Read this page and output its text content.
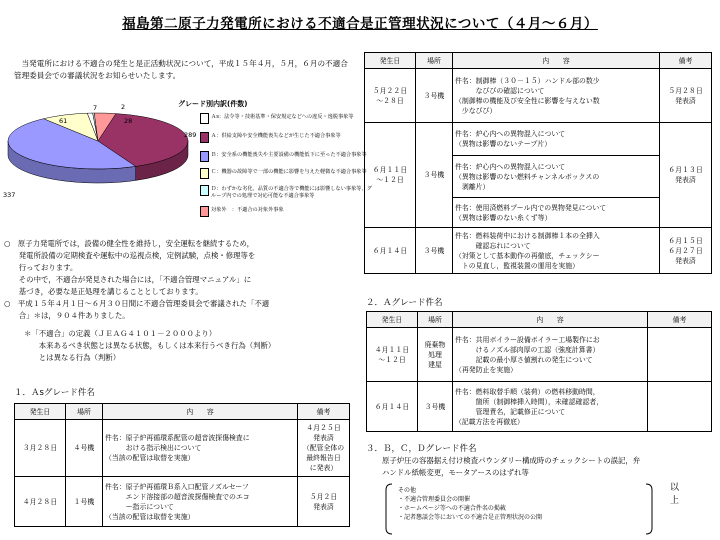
福島第二原子力発電所における不適合是正管理状況について（４月～６月）
当発電所における不適合の発生と是正活動状況について，平成１５年４月，５月，６月の不適合管理委員会での審議状況をお知らせいたします。
グレード別内訳(件数)
7	2
61	28
289
337
Ａs：法令等・技術基準・保安規定などへの違反・逸脱事象等
Ａ：供給支障や安全機能喪失などが生じた不適合事象等
Ｂ：安全系の機能喪失や主要設備の機能低下に至った不適合事象等
Ｃ：機器の故障等で一部の機能に影響を与えた軽微な不適合事象等
Ｄ：わずかな劣化、品質の不適合等で機能には影響しない事象等、グループ内での処理で対応可能な不適合事象等
対象外　：不適合の対象外事象

○　原子力発電所では，設備の健全性を維持し，安全運転を継続するため，

　　発電所設備の定期検査や運転中の巡視点検，定例試験，点検・修理等を

　　行っております。

　　その中で，不適合が発見された場合には，「不適合管理マニュアル」に

　　基づき，必要な是正処理を講じることとしております。

○　平成１５年４月１日～６月３０日間に不適合管理委員会で審議された「不適

　　合」＊は，９０４件ありました。

＊「不適合」の定義（ＪＥＡＧ４１０１－２０００より）

　　本来あるべき状態とは異なる状態，もしくは本来行うべき行為（判断）

　　とは異なる行為（判断）

１．Ａsグレード件名
発生日	場所	内　　容	備考
３月２８日	４号機	件名：原子炉再循環系配管の超音波探傷検査に
　　　おける指示検出について
（当該の配管は取替を実施）	４月２５日
発表済
（配管全体の
最終報告日
に発表）

４月２８日	１号機	件名：原子炉再循環Ｂ系入口配管ノズルセーフ
　　　エンド溶接部の超音波探傷検査でのエコ
　　　ー指示について
（当該の配管は取替を実施）	５月２日
発表済
発生日	場所	内　　容	備考

５月２２日
～２８日	３号機	件名：制御棒（３０－１５）ハンドル部の数少
　　　なびびの確認について
（制御棒の機能及び安全性に影響を与えない数
　少なびび）	５月２８日
発表済

６月１１日
～１２日	３号機	件名：炉心内への異物混入について
（異物は影響のないテープ片）	６月１３日
発表済

		件名：炉心内への異物混入について
（異物は影響のない燃料チャンネルボックスの
　剥離片）	

		件名：使用済燃料プール内での異物発見について
（異物は影響のない糸くず等）	

６月１４日	３号機	件名：燃料装荷中における制御棒１本の全挿入
　　　確認忘れについて
（対策として基本動作の再徹底，チェックシー
　トの見直し，監視装置の運用を実施）	６月１５日
６月２７日
発表済
２．Ａグレード件名
発生日	場所	内　　容	備考

４月１１日
～１２日	廃棄物
処理
建屋	件名：共用ボイラー設備ボイラー工場製作にお
　　　けるノズル部肉厚の工認（強度計算書）
　　　記載の最小厚さ値割れの発生について
（再発防止を実施）	

６月１４日	３号機	件名：燃料取替手順（装荷）の燃料移動時間，
　　　箇所（制御棒挿入時間），未確認確認者，
　　　管理責名，記載修正について
（記載方法を再徹底）	

３．Ｂ，Ｃ，Ｄグレード件名
原子炉圧の容器据え付け検査パウンダリー構成時のチェックシートの誤記，弁
ハンドル紙帳変更，モータアースのはずれ等
以　上
その他
・不適合管理委員会の開催
・ホームページ等への不適合件名の掲載
・記者懇談会等においての不適合是正管理状況の公開
